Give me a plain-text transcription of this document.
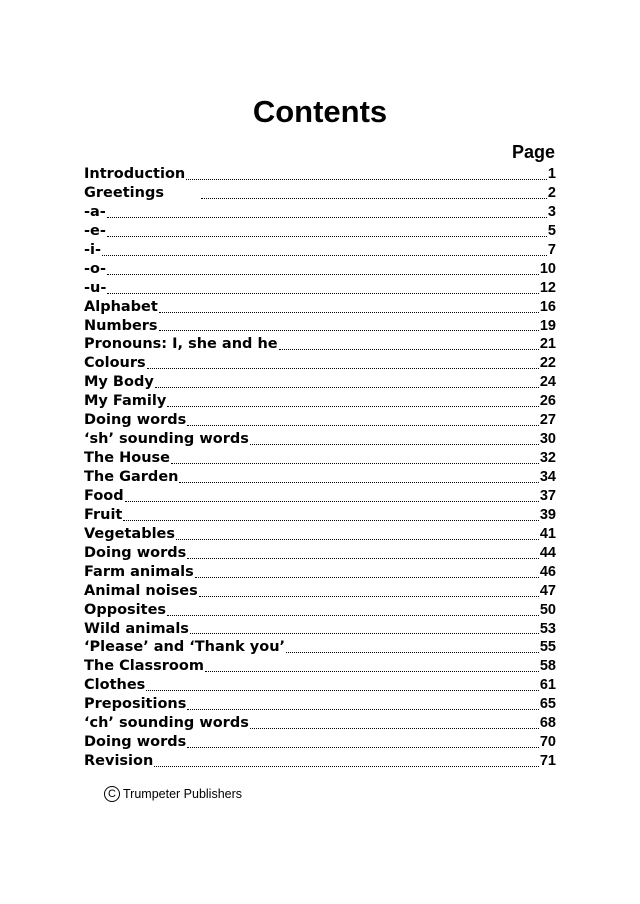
Contents
Page
Introduction	1
Greetings	2
-a-	3
-e-	5
-i-	7
-o-	10
-u-	12
Alphabet	16
Numbers	19
Pronouns: I, she and he	21
Colours	22
My Body	24
My Family	26
Doing words	27
‘sh’ sounding words	30
The House	32
The Garden	34
Food	37
Fruit	39
Vegetables	41
Doing words	44
Farm animals	46
Animal noises	47
Opposites	50
Wild animals	53
‘Please’ and ‘Thank you’	55
The Classroom	58
Clothes	61
Prepositions	65
‘ch’ sounding words	68
Doing words	70
Revision	71
C Trumpeter Publishers
